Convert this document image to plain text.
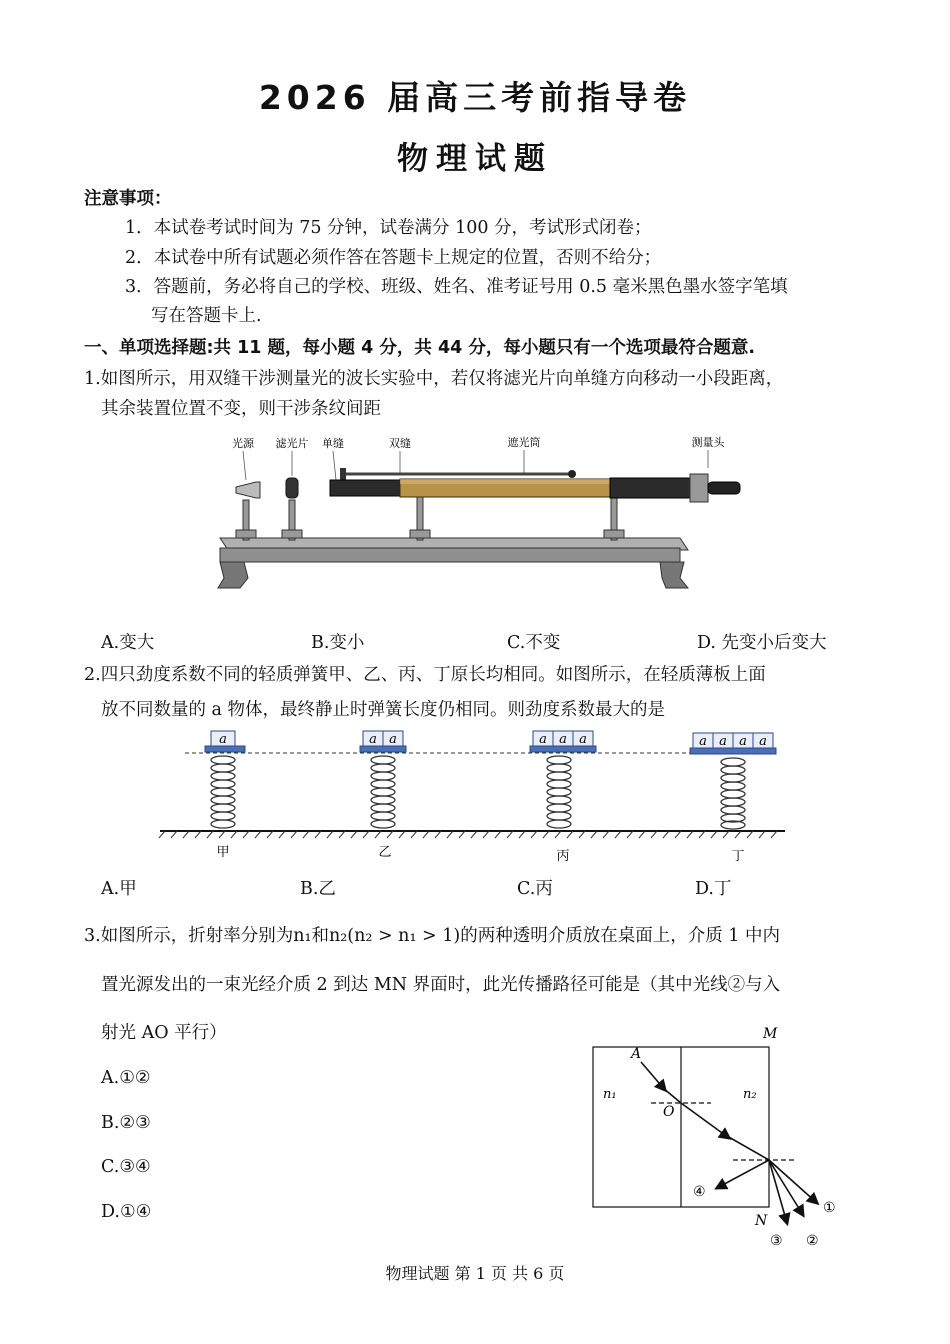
2026 届高三考前指导卷
物理试题
注意事项：
1．本试卷考试时间为 75 分钟，试卷满分 100 分，考试形式闭卷；
2．本试卷中所有试题必须作答在答题卡上规定的位置，否则不给分；
3．答题前，务必将自己的学校、班级、姓名、准考证号用 0.5 毫米黑色墨水签字笔填
写在答题卡上.
一、单项选择题:共 11 题，每小题 4 分，共 44 分，每小题只有一个选项最符合题意.
1.如图所示，用双缝干涉测量光的波长实验中，若仅将滤光片向单缝方向移动一小段距离，
其余装置位置不变，则干涉条纹间距
光源 滤光片 单缝	双缝	遮光筒	测量头
A.变大	B.变小	C.不变	D. 先变小后变大
2.四只劲度系数不同的轻质弹簧甲、乙、丙、丁原长均相同。如图所示，在轻质薄板上面
放不同数量的 a 物体，最终静止时弹簧长度仍相同。则劲度系数最大的是
a
甲
a a
乙
a a a
丙
a a a a
丁
A.甲	B.乙	C.丙	D.丁
3.如图所示，折射率分别为n₁和n₂(n₂ > n₁ > 1)的两种透明介质放在桌面上，介质 1 中内
置光源发出的一束光经介质 2 到达 MN 界面时，此光传播路径可能是（其中光线②与入
射光 AO 平行）
A.①②
B.②③
C.③④
D.①④
M
N
A
O
n₁	n₂
④
①
②
③
物理试题 第 1 页 共 6 页
